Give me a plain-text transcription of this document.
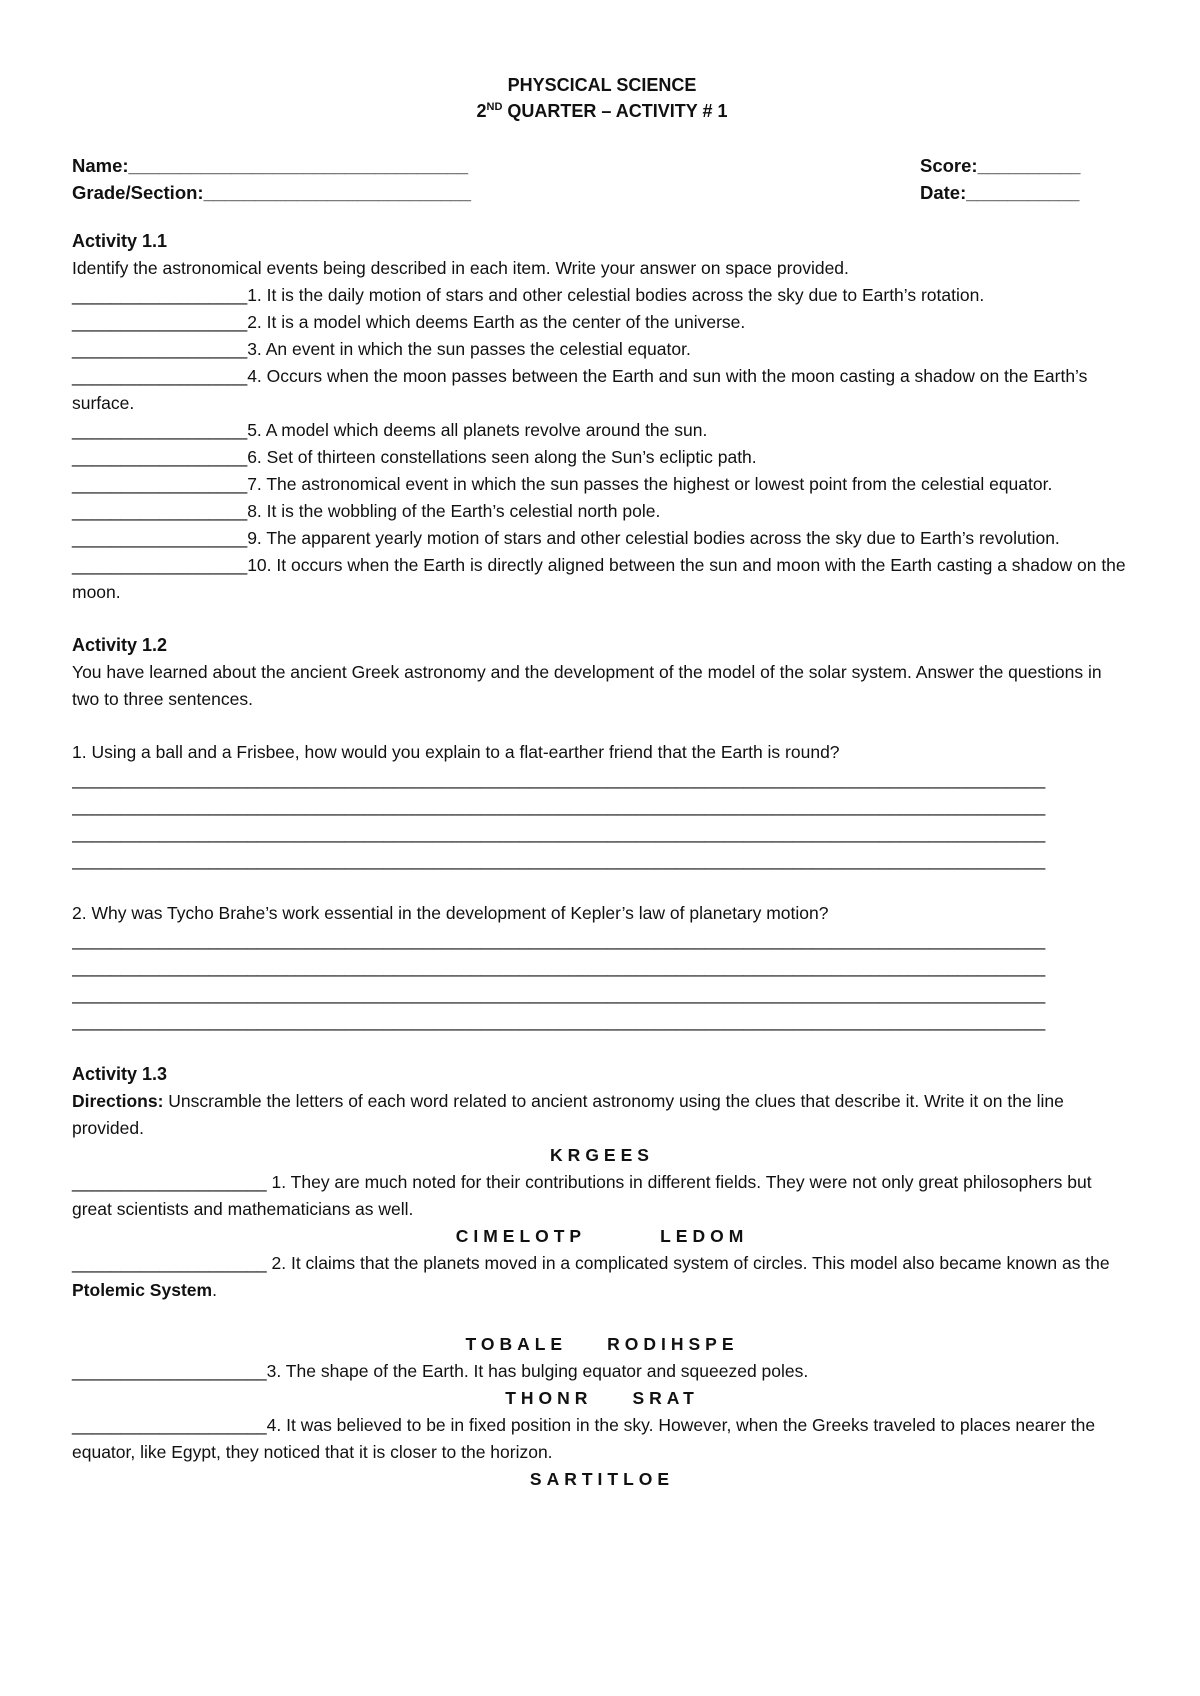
PHYSCICAL SCIENCE
2ND QUARTER – ACTIVITY # 1
Name:_________________________________	Score:__________
Grade/Section:__________________________	Date:___________
Activity 1.1

Identify the astronomical events being described in each item. Write your answer on space provided.

__________________1. It is the daily motion of stars and other celestial bodies across the sky due to Earth’s rotation.

__________________2. It is a model which deems Earth as the center of the universe.

__________________3. An event in which the sun passes the celestial equator.

__________________4. Occurs when the moon passes between the Earth and sun with the moon casting a shadow on the Earth’s surface.

__________________5. A model which deems all planets revolve around the sun.

__________________6. Set of thirteen constellations seen along the Sun’s ecliptic path.

__________________7. The astronomical event in which the sun passes the highest or lowest point from the celestial equator.

__________________8. It is the wobbling of the Earth’s celestial north pole.

__________________9. The apparent yearly motion of stars and other celestial bodies across the sky due to Earth’s revolution.

__________________10. It occurs when the Earth is directly aligned between the sun and moon with the Earth casting a shadow on the moon.

Activity 1.2

You have learned about the ancient Greek astronomy and the development of the model of the solar system. Answer the questions in two to three sentences.

1. Using a ball and a Frisbee, how would you explain to a flat-earther friend that the Earth is round?

____________________________________________________________________________________________________
____________________________________________________________________________________________________
____________________________________________________________________________________________________
____________________________________________________________________________________________________

2. Why was Tycho Brahe’s work essential in the development of Kepler’s law of planetary motion?

____________________________________________________________________________________________________
____________________________________________________________________________________________________
____________________________________________________________________________________________________
____________________________________________________________________________________________________
Activity 1.3

Directions: Unscramble the letters of each word related to ancient astronomy using the clues that describe it. Write it on the line provided.

KRGEES

____________________ 1. They are much noted for their contributions in different fields. They were not only great philosophers but great scientists and mathematicians as well.

CIMELOTP	LEDOM

____________________ 2. It claims that the planets moved in a complicated system of circles. This model also became known as the Ptolemic System.

TOBALE RODIHSPE

____________________3. The shape of the Earth. It has bulging equator and squeezed poles.

THONR SRAT

____________________4. It was believed to be in fixed position in the sky. However, when the Greeks traveled to places nearer the equator, like Egypt, they noticed that it is closer to the horizon.

SARTITLOE
